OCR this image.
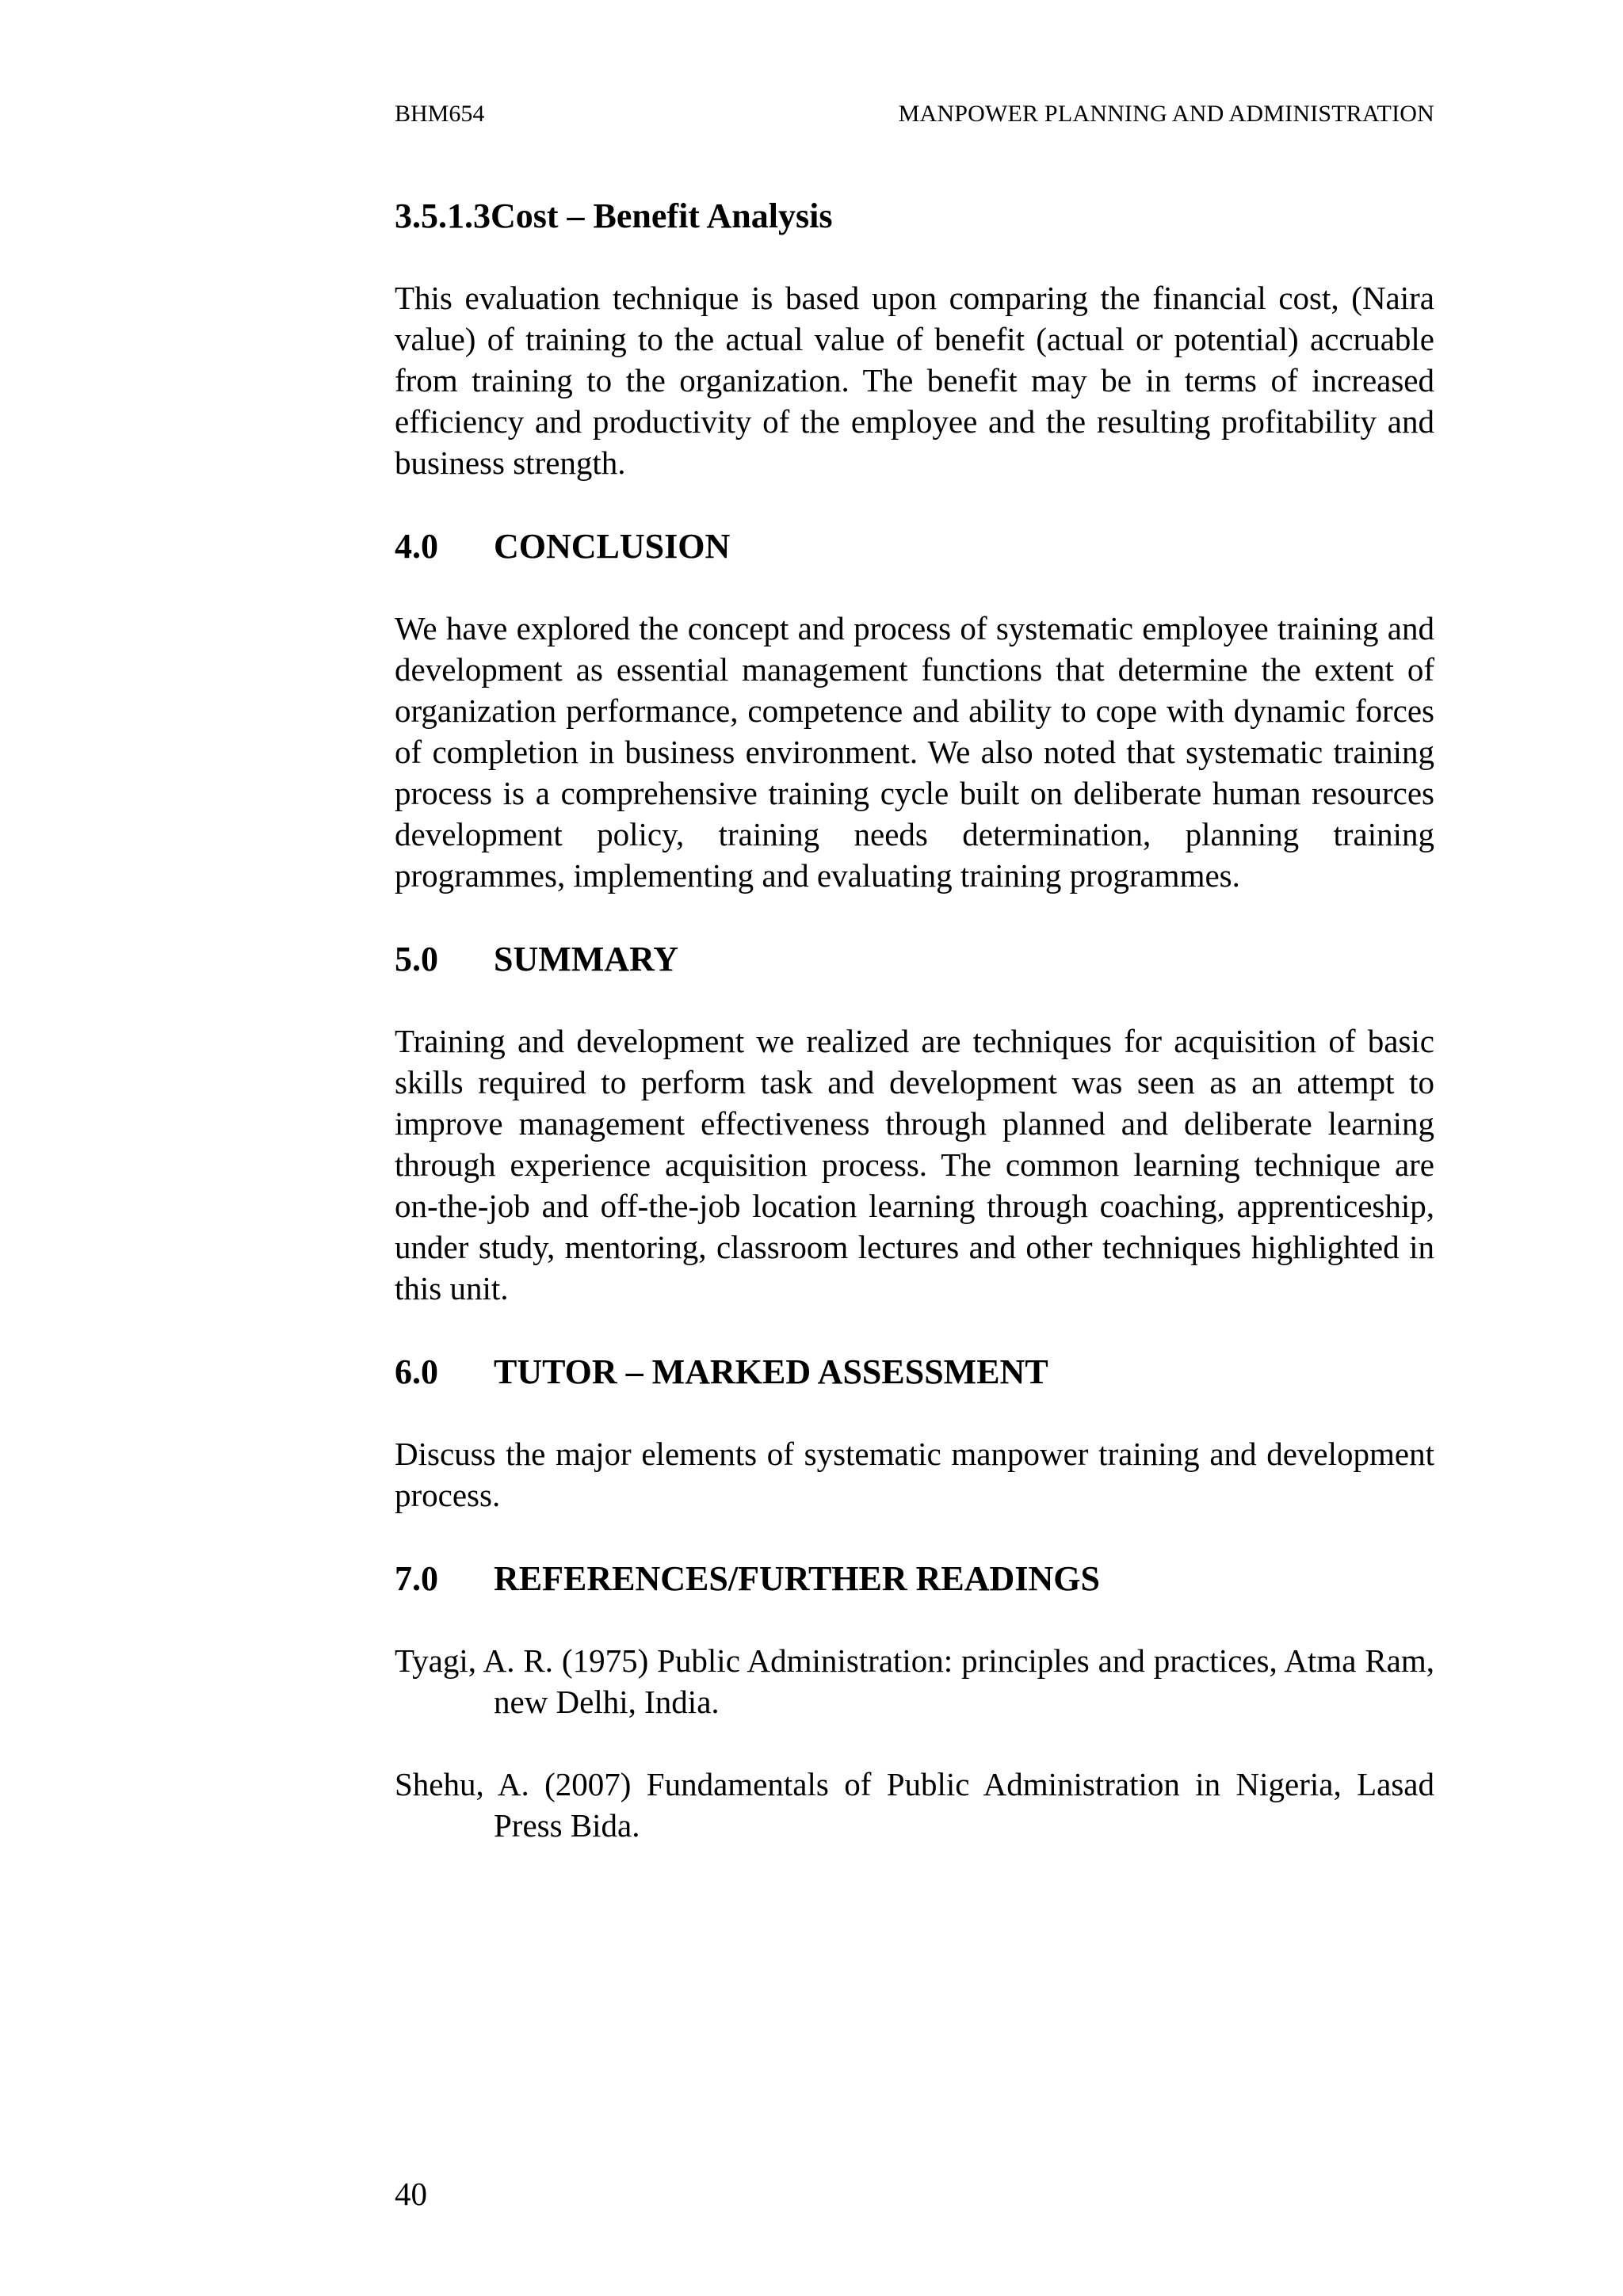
BHM654	MANPOWER PLANNING AND ADMINISTRATION
3.5.1.3Cost – Benefit Analysis

This evaluation technique is based upon comparing the financial cost, (Naira value) of training to the actual value of benefit (actual or potential) accruable from training to the organization. The benefit may be in terms of increased efficiency and productivity of the employee and the resulting profitability and business strength.

4.0 CONCLUSION

We have explored the concept and process of systematic employee training and development as essential management functions that determine the extent of organization performance, competence and ability to cope with dynamic forces of completion in business environment. We also noted that systematic training process is a comprehensive training cycle built on deliberate human resources development policy, training needs determination, planning training programmes, implementing and evaluating training programmes.

5.0 SUMMARY

Training and development we realized are techniques for acquisition of basic skills required to perform task and development was seen as an attempt to improve management effectiveness through planned and deliberate learning through experience acquisition process. The common learning technique are on-the-job and off-the-job location learning through coaching, apprenticeship, under study, mentoring, classroom lectures and other techniques highlighted in this unit.

6.0 TUTOR – MARKED ASSESSMENT

Discuss the major elements of systematic manpower training and development process.

7.0 REFERENCES/FURTHER READINGS

Tyagi, A. R. (1975) Public Administration: principles and practices, Atma Ram, new Delhi, India.

Shehu, A. (2007) Fundamentals of Public Administration in Nigeria, Lasad Press Bida.

40
